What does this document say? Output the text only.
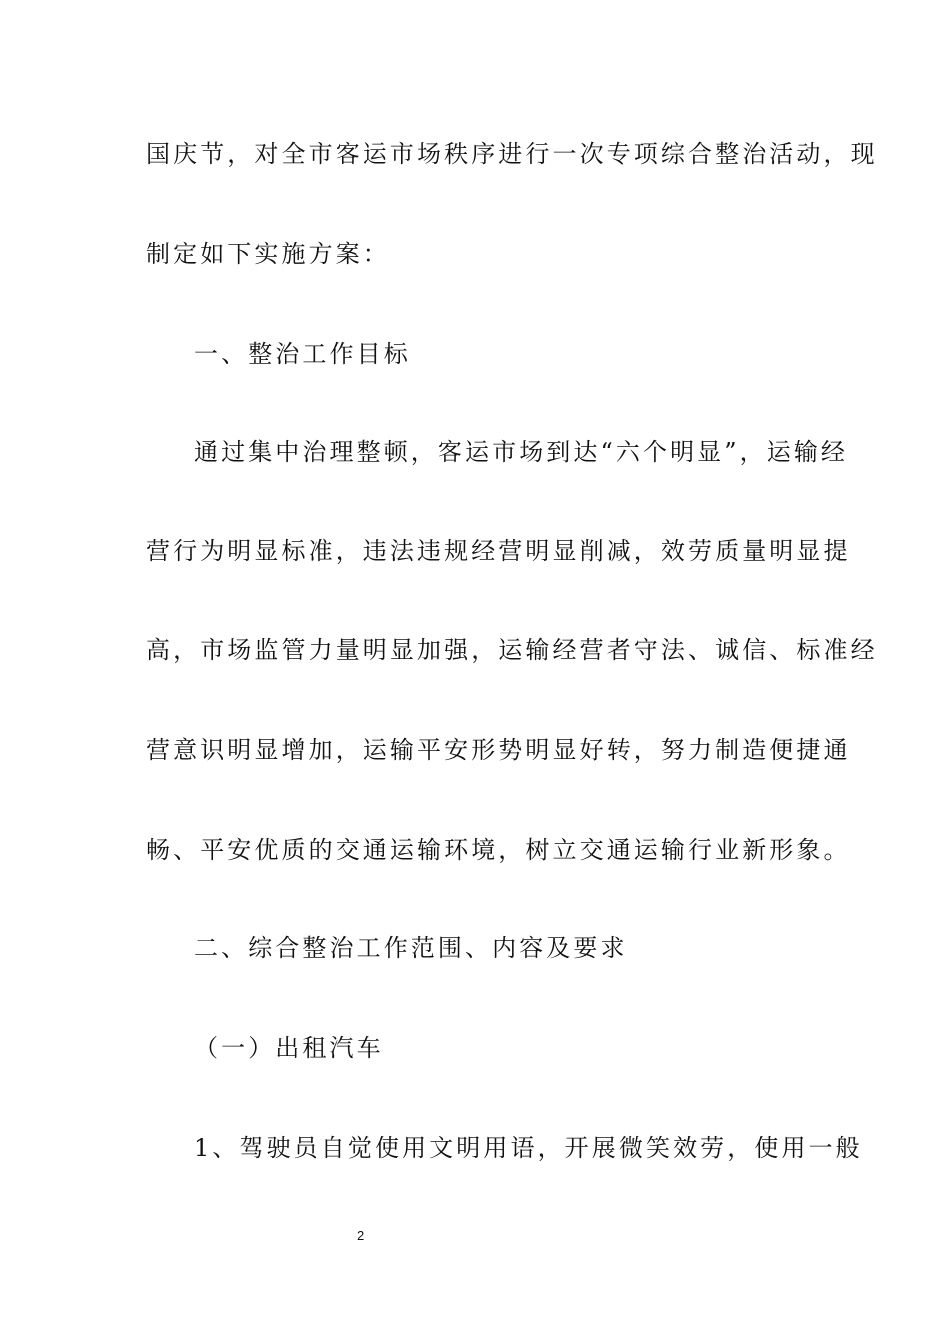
国庆节，对全市客运市场秩序进行一次专项综合整治活动，现
制定如下实施方案：
一、整治工作目标
通过集中治理整顿，客运市场到达“六个明显”，运输经
营行为明显标准，违法违规经营明显削减，效劳质量明显提
高，市场监管力量明显加强，运输经营者守法、诚信、标准经
营意识明显增加，运输平安形势明显好转，努力制造便捷通
畅、平安优质的交通运输环境，树立交通运输行业新形象。
二、综合整治工作范围、内容及要求
（一）出租汽车
1、驾驶员自觉使用文明用语，开展微笑效劳，使用一般
2
